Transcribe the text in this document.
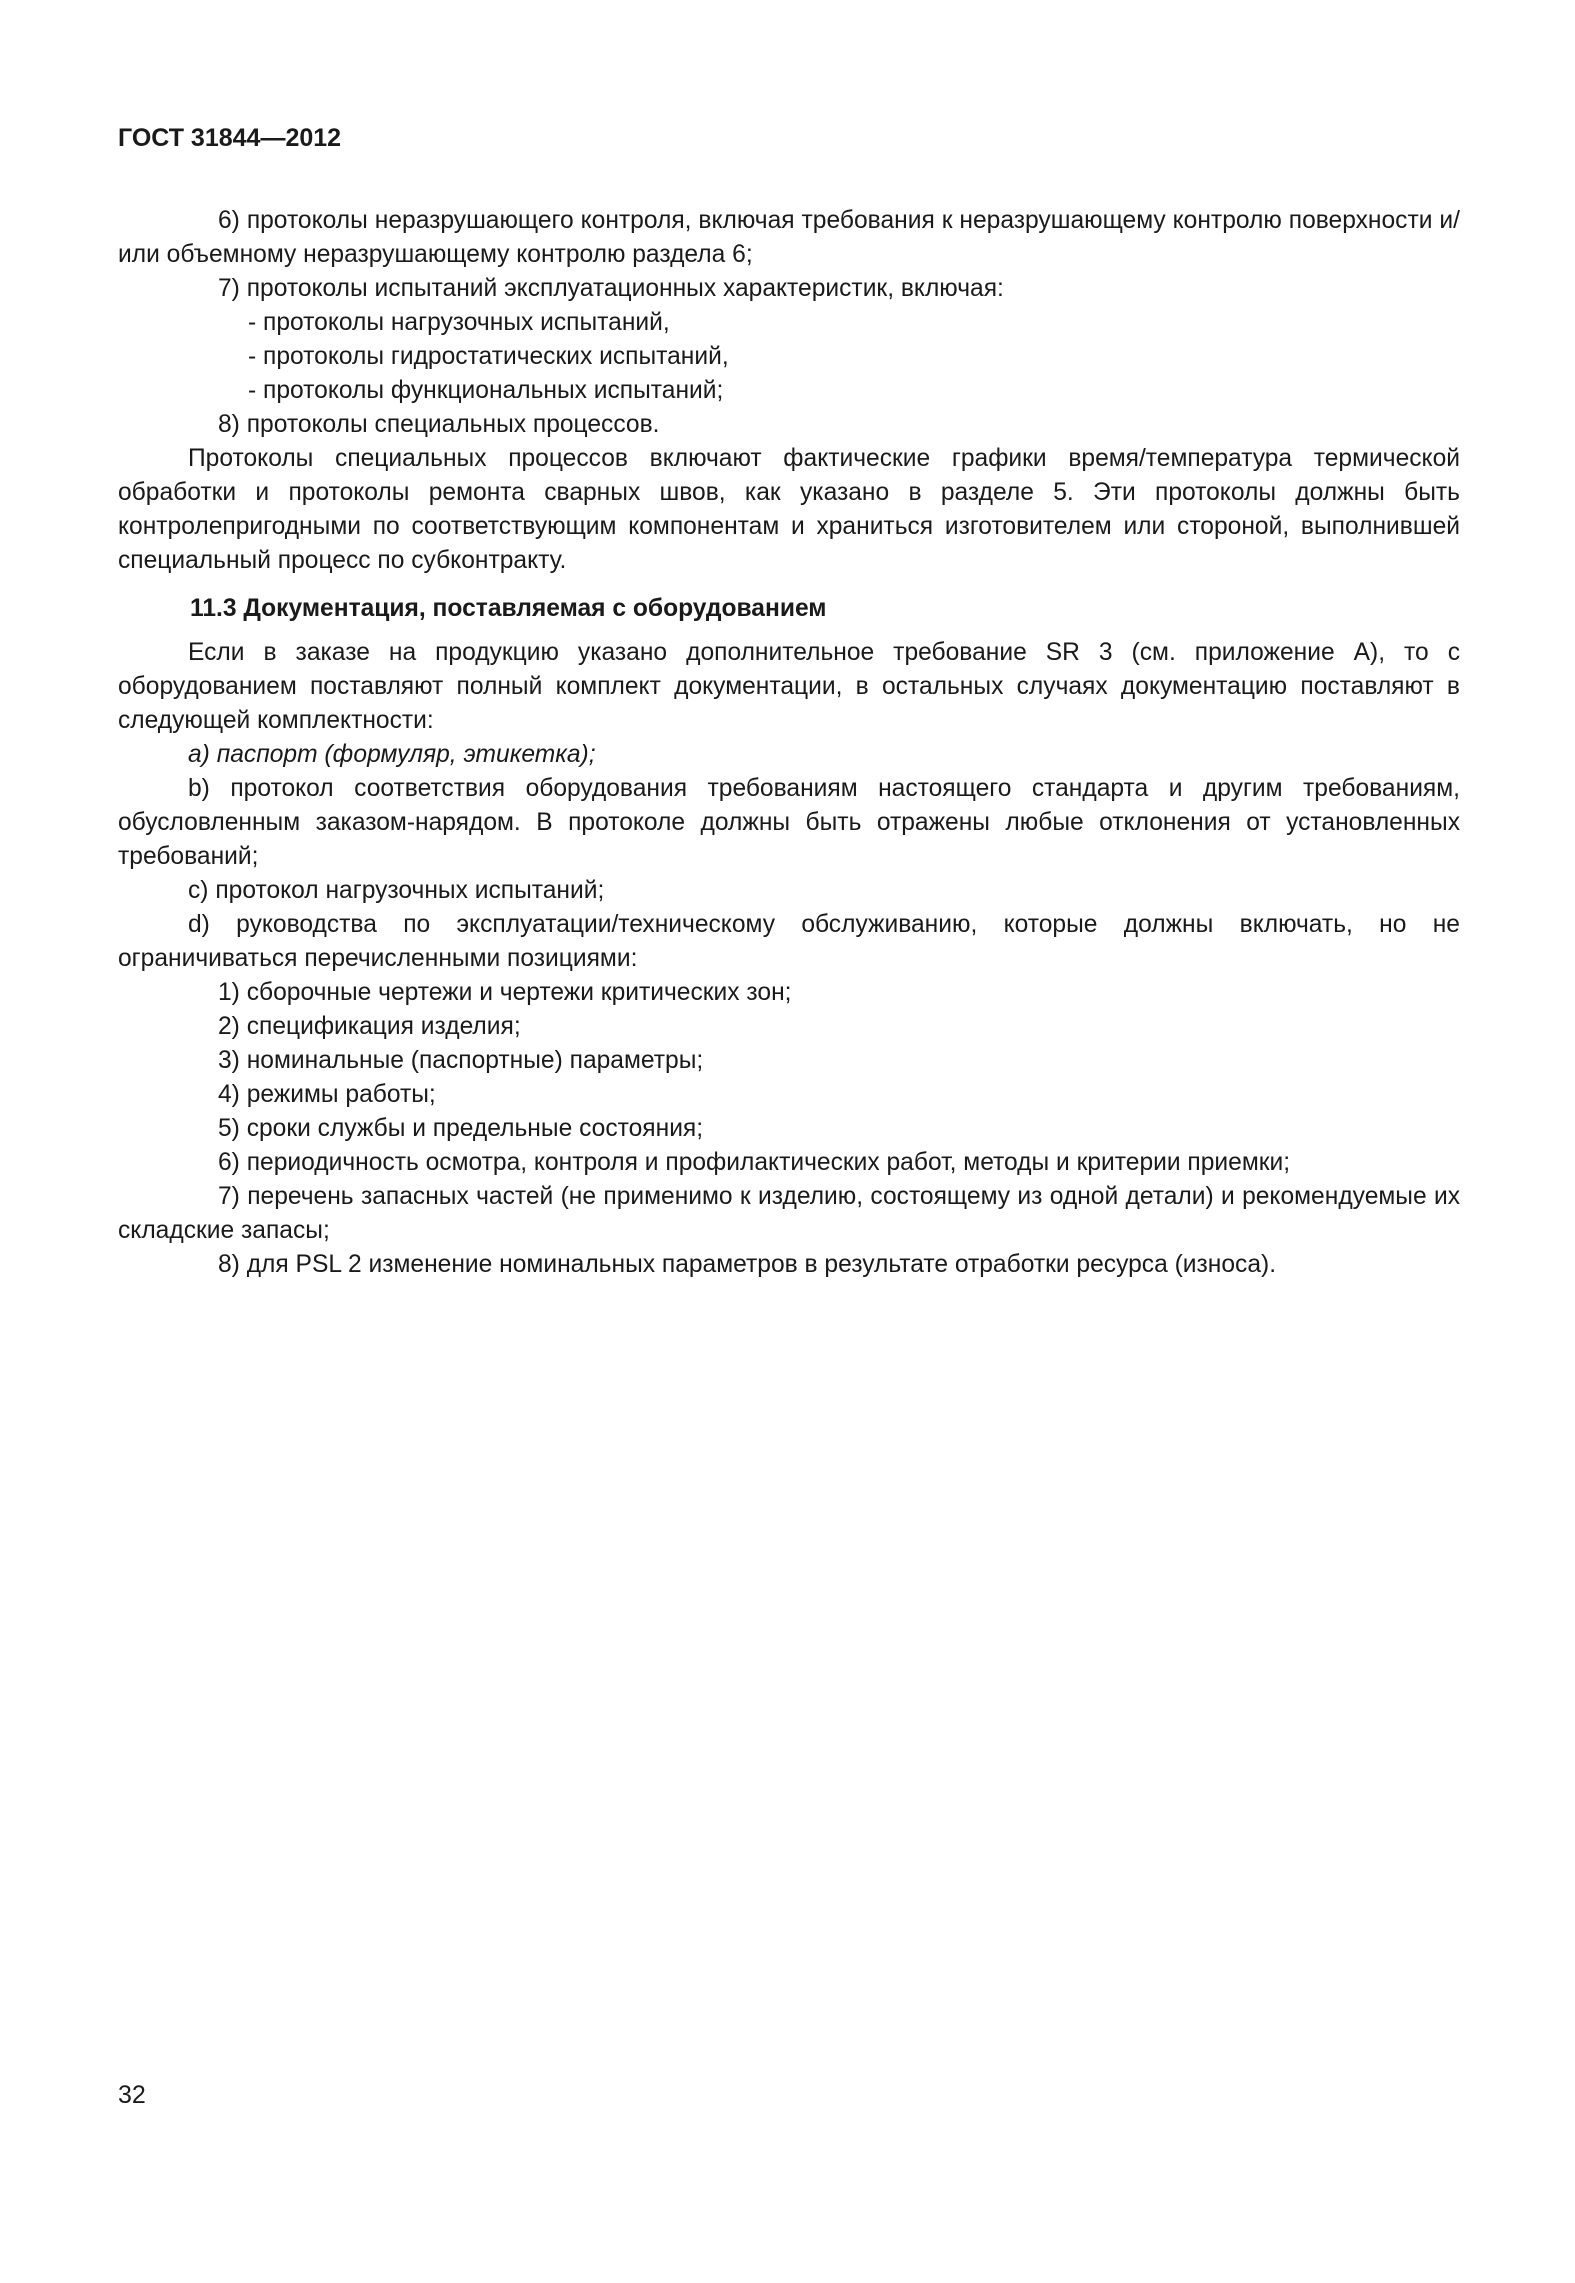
ГОСТ 31844—2012

6) протоколы неразрушающего контроля, включая требования к неразрушающему контролю поверхности и/или объемному неразрушающему контролю раздела 6;

7) протоколы испытаний эксплуатационных характеристик, включая:

- протоколы нагрузочных испытаний,

- протоколы гидростатических испытаний,

- протоколы функциональных испытаний;

8) протоколы специальных процессов.

Протоколы специальных процессов включают фактические графики время/температура термической обработки и протоколы ремонта сварных швов, как указано в разделе 5. Эти протоколы должны быть контролепригодными по соответствующим компонентам и храниться изготовителем или стороной, выполнившей специальный процесс по субконтракту.

11.3 Документация, поставляемая с оборудованием

Если в заказе на продукцию указано дополнительное требование SR 3 (см. приложение А), то с оборудованием поставляют полный комплект документации, в остальных случаях документацию поставляют в следующей комплектности:

а) паспорт (формуляр, этикетка);

b) протокол соответствия оборудования требованиям настоящего стандарта и другим требованиям, обусловленным заказом-нарядом. В протоколе должны быть отражены любые отклонения от установленных требований;

с) протокол нагрузочных испытаний;

d) руководства по эксплуатации/техническому обслуживанию, которые должны включать, но не ограничиваться перечисленными позициями:

1) сборочные чертежи и чертежи критических зон;

2) спецификация изделия;

3) номинальные (паспортные) параметры;

4) режимы работы;

5) сроки службы и предельные состояния;

6) периодичность осмотра, контроля и профилактических работ, методы и критерии приемки;

7) перечень запасных частей (не применимо к изделию, состоящему из одной детали) и рекомендуемые их складские запасы;

8) для PSL 2 изменение номинальных параметров в результате отработки ресурса (износа).

32
